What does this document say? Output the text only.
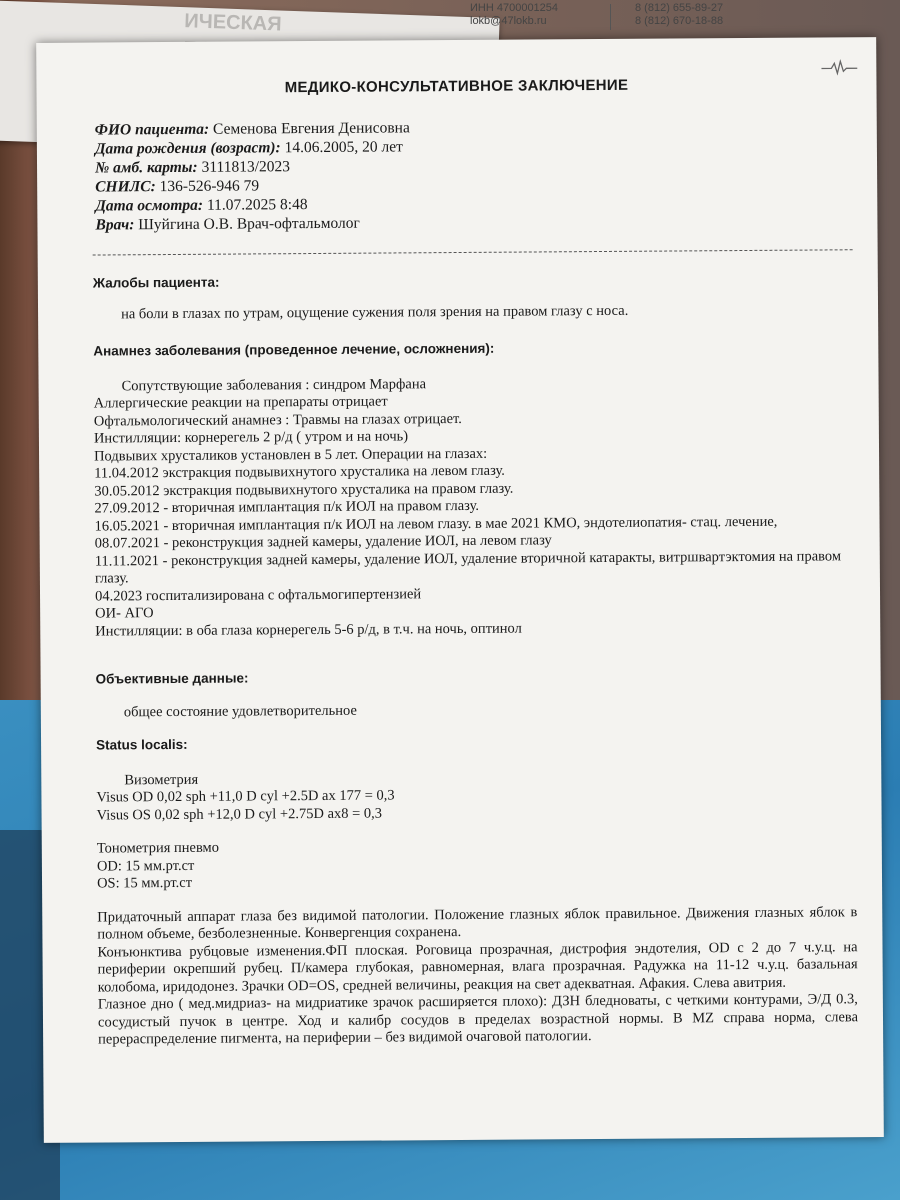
ИЧЕСКАЯ
ИНН 4700001254
lokb@47lokb.ru
8 (812) 655-89-27
8 (812) 670-18-88
МЕДИКО-КОНСУЛЬТАТИВНОЕ ЗАКЛЮЧЕНИЕ
ФИО пациента: Семенова Евгения Денисовна
Дата рождения (возраст): 14.06.2005, 20 лет
№ амб. карты: 3111813/2023
СНИЛС: 136-526-946 79
Дата осмотра: 11.07.2025 8:48
Врач: Шуйгина О.В. Врач-офтальмолог
Жалобы пациента:
на боли в глазах по утрам, оцущение сужения поля зрения на правом глазу с носа.
Анамнез заболевания (проведенное лечение, осложнения):
Сопутствующие заболевания : синдром Марфана
Аллергические реакции на препараты отрицает
Офтальмологический анамнез : Травмы на глазах отрицает.
Инстилляции: корнерегель 2 р/д ( утром и на ночь)
Подвывих хрусталиков установлен в 5 лет. Операции на глазах:
11.04.2012 экстракция подвывихнутого хрусталика на левом глазу.
30.05.2012 экстракция подвывихнутого хрусталика на правом глазу.
27.09.2012 - вторичная имплантация п/к ИОЛ на правом глазу.
16.05.2021 - вторичная имплантация п/к ИОЛ на левом глазу. в мае 2021 КМО, эндотелиопатия- стац. лечение,
08.07.2021 - реконструкция задней камеры, удаление ИОЛ, на левом глазу
11.11.2021 - реконструкция задней камеры, удаление ИОЛ, удаление вторичной катаракты, витршвартэктомия на правом глазу.
04.2023 госпитализирована с офтальмогипертензией
ОИ- АГО
Инстилляции: в оба глаза корнерегель 5-6 р/д, в т.ч. на ночь, оптинол
Объективные данные:
общее состояние удовлетворительное
Status localis:
Визометрия
Visus OD 0,02 sph +11,0 D cyl +2.5D ax 177 = 0,3
Visus OS 0,02 sph +12,0 D cyl +2.75D ax8 = 0,3
Тонометрия пневмо
OD: 15 мм.рт.ст
OS: 15 мм.рт.ст
Придаточный аппарат глаза без видимой патологии. Положение глазных яблок правильное. Движения глазных яблок в полном объеме, безболезненные. Конвергенция сохранена.
Конъюнктива рубцовые изменения.ФП плоская. Роговица прозрачная, дистрофия эндотелия, OD с 2 до 7 ч.у.ц. на периферии окрепший рубец. П/камера глубокая, равномерная, влага прозрачная. Радужка на 11-12 ч.у.ц. базальная колобома, иридодонез. Зрачки OD=OS, средней величины, реакция на свет адекватная. Афакия. Слева авитрия.
Глазное дно ( мед.мидриаз- на мидриатике зрачок расширяется плохо): ДЗН бледноваты, с четкими контурами, Э/Д 0.3, сосудистый пучок в центре. Ход и калибр сосудов в пределах возрастной нормы. В MZ справа норма, слева перераспределение пигмента, на периферии – без видимой очаговой патологии.
